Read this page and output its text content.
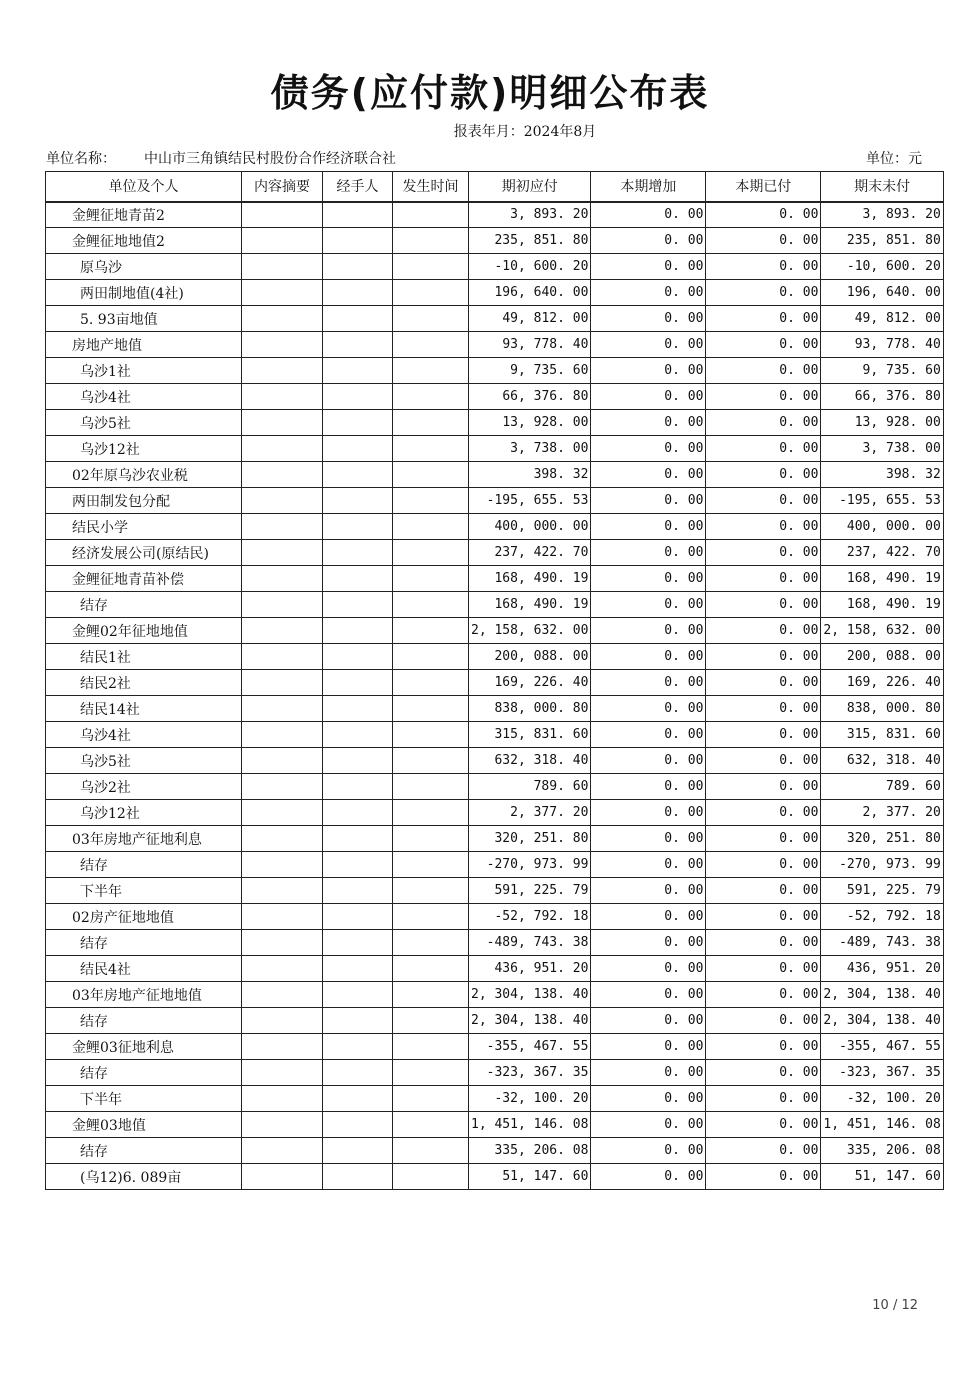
债务(应付款)明细公布表
报表年月：2024年8月
单位名称： 中山市三角镇结民村股份合作经济联合社	单位：元
单位及个人	内容摘要	经手人	发生时间	期初应付	本期增加	本期已付	期末未付
金鲤征地青苗2				3, 893. 20	0. 00	0. 00	3, 893. 20
金鲤征地地值2				235, 851. 80	0. 00	0. 00	235, 851. 80
原乌沙				-10, 600. 20	0. 00	0. 00	-10, 600. 20
两田制地值(4社)				196, 640. 00	0. 00	0. 00	196, 640. 00
5. 93亩地值				49, 812. 00	0. 00	0. 00	49, 812. 00
房地产地值				93, 778. 40	0. 00	0. 00	93, 778. 40
乌沙1社				9, 735. 60	0. 00	0. 00	9, 735. 60
乌沙4社				66, 376. 80	0. 00	0. 00	66, 376. 80
乌沙5社				13, 928. 00	0. 00	0. 00	13, 928. 00
乌沙12社				3, 738. 00	0. 00	0. 00	3, 738. 00
02年原乌沙农业税				398. 32	0. 00	0. 00	398. 32
两田制发包分配				-195, 655. 53	0. 00	0. 00	-195, 655. 53
结民小学				400, 000. 00	0. 00	0. 00	400, 000. 00
经济发展公司(原结民)				237, 422. 70	0. 00	0. 00	237, 422. 70
金鲤征地青苗补偿				168, 490. 19	0. 00	0. 00	168, 490. 19
结存				168, 490. 19	0. 00	0. 00	168, 490. 19
金鲤02年征地地值				2, 158, 632. 00	0. 00	0. 00	2, 158, 632. 00
结民1社				200, 088. 00	0. 00	0. 00	200, 088. 00
结民2社				169, 226. 40	0. 00	0. 00	169, 226. 40
结民14社				838, 000. 80	0. 00	0. 00	838, 000. 80
乌沙4社				315, 831. 60	0. 00	0. 00	315, 831. 60
乌沙5社				632, 318. 40	0. 00	0. 00	632, 318. 40
乌沙2社				789. 60	0. 00	0. 00	789. 60
乌沙12社				2, 377. 20	0. 00	0. 00	2, 377. 20
03年房地产征地利息				320, 251. 80	0. 00	0. 00	320, 251. 80
结存				-270, 973. 99	0. 00	0. 00	-270, 973. 99
下半年				591, 225. 79	0. 00	0. 00	591, 225. 79
02房产征地地值				-52, 792. 18	0. 00	0. 00	-52, 792. 18
结存				-489, 743. 38	0. 00	0. 00	-489, 743. 38
结民4社				436, 951. 20	0. 00	0. 00	436, 951. 20
03年房地产征地地值				2, 304, 138. 40	0. 00	0. 00	2, 304, 138. 40
结存				2, 304, 138. 40	0. 00	0. 00	2, 304, 138. 40
金鲤03征地利息				-355, 467. 55	0. 00	0. 00	-355, 467. 55
结存				-323, 367. 35	0. 00	0. 00	-323, 367. 35
下半年				-32, 100. 20	0. 00	0. 00	-32, 100. 20
金鲤03地值				1, 451, 146. 08	0. 00	0. 00	1, 451, 146. 08
结存				335, 206. 08	0. 00	0. 00	335, 206. 08
(乌12)6. 089亩				51, 147. 60	0. 00	0. 00	51, 147. 60
10 / 12
